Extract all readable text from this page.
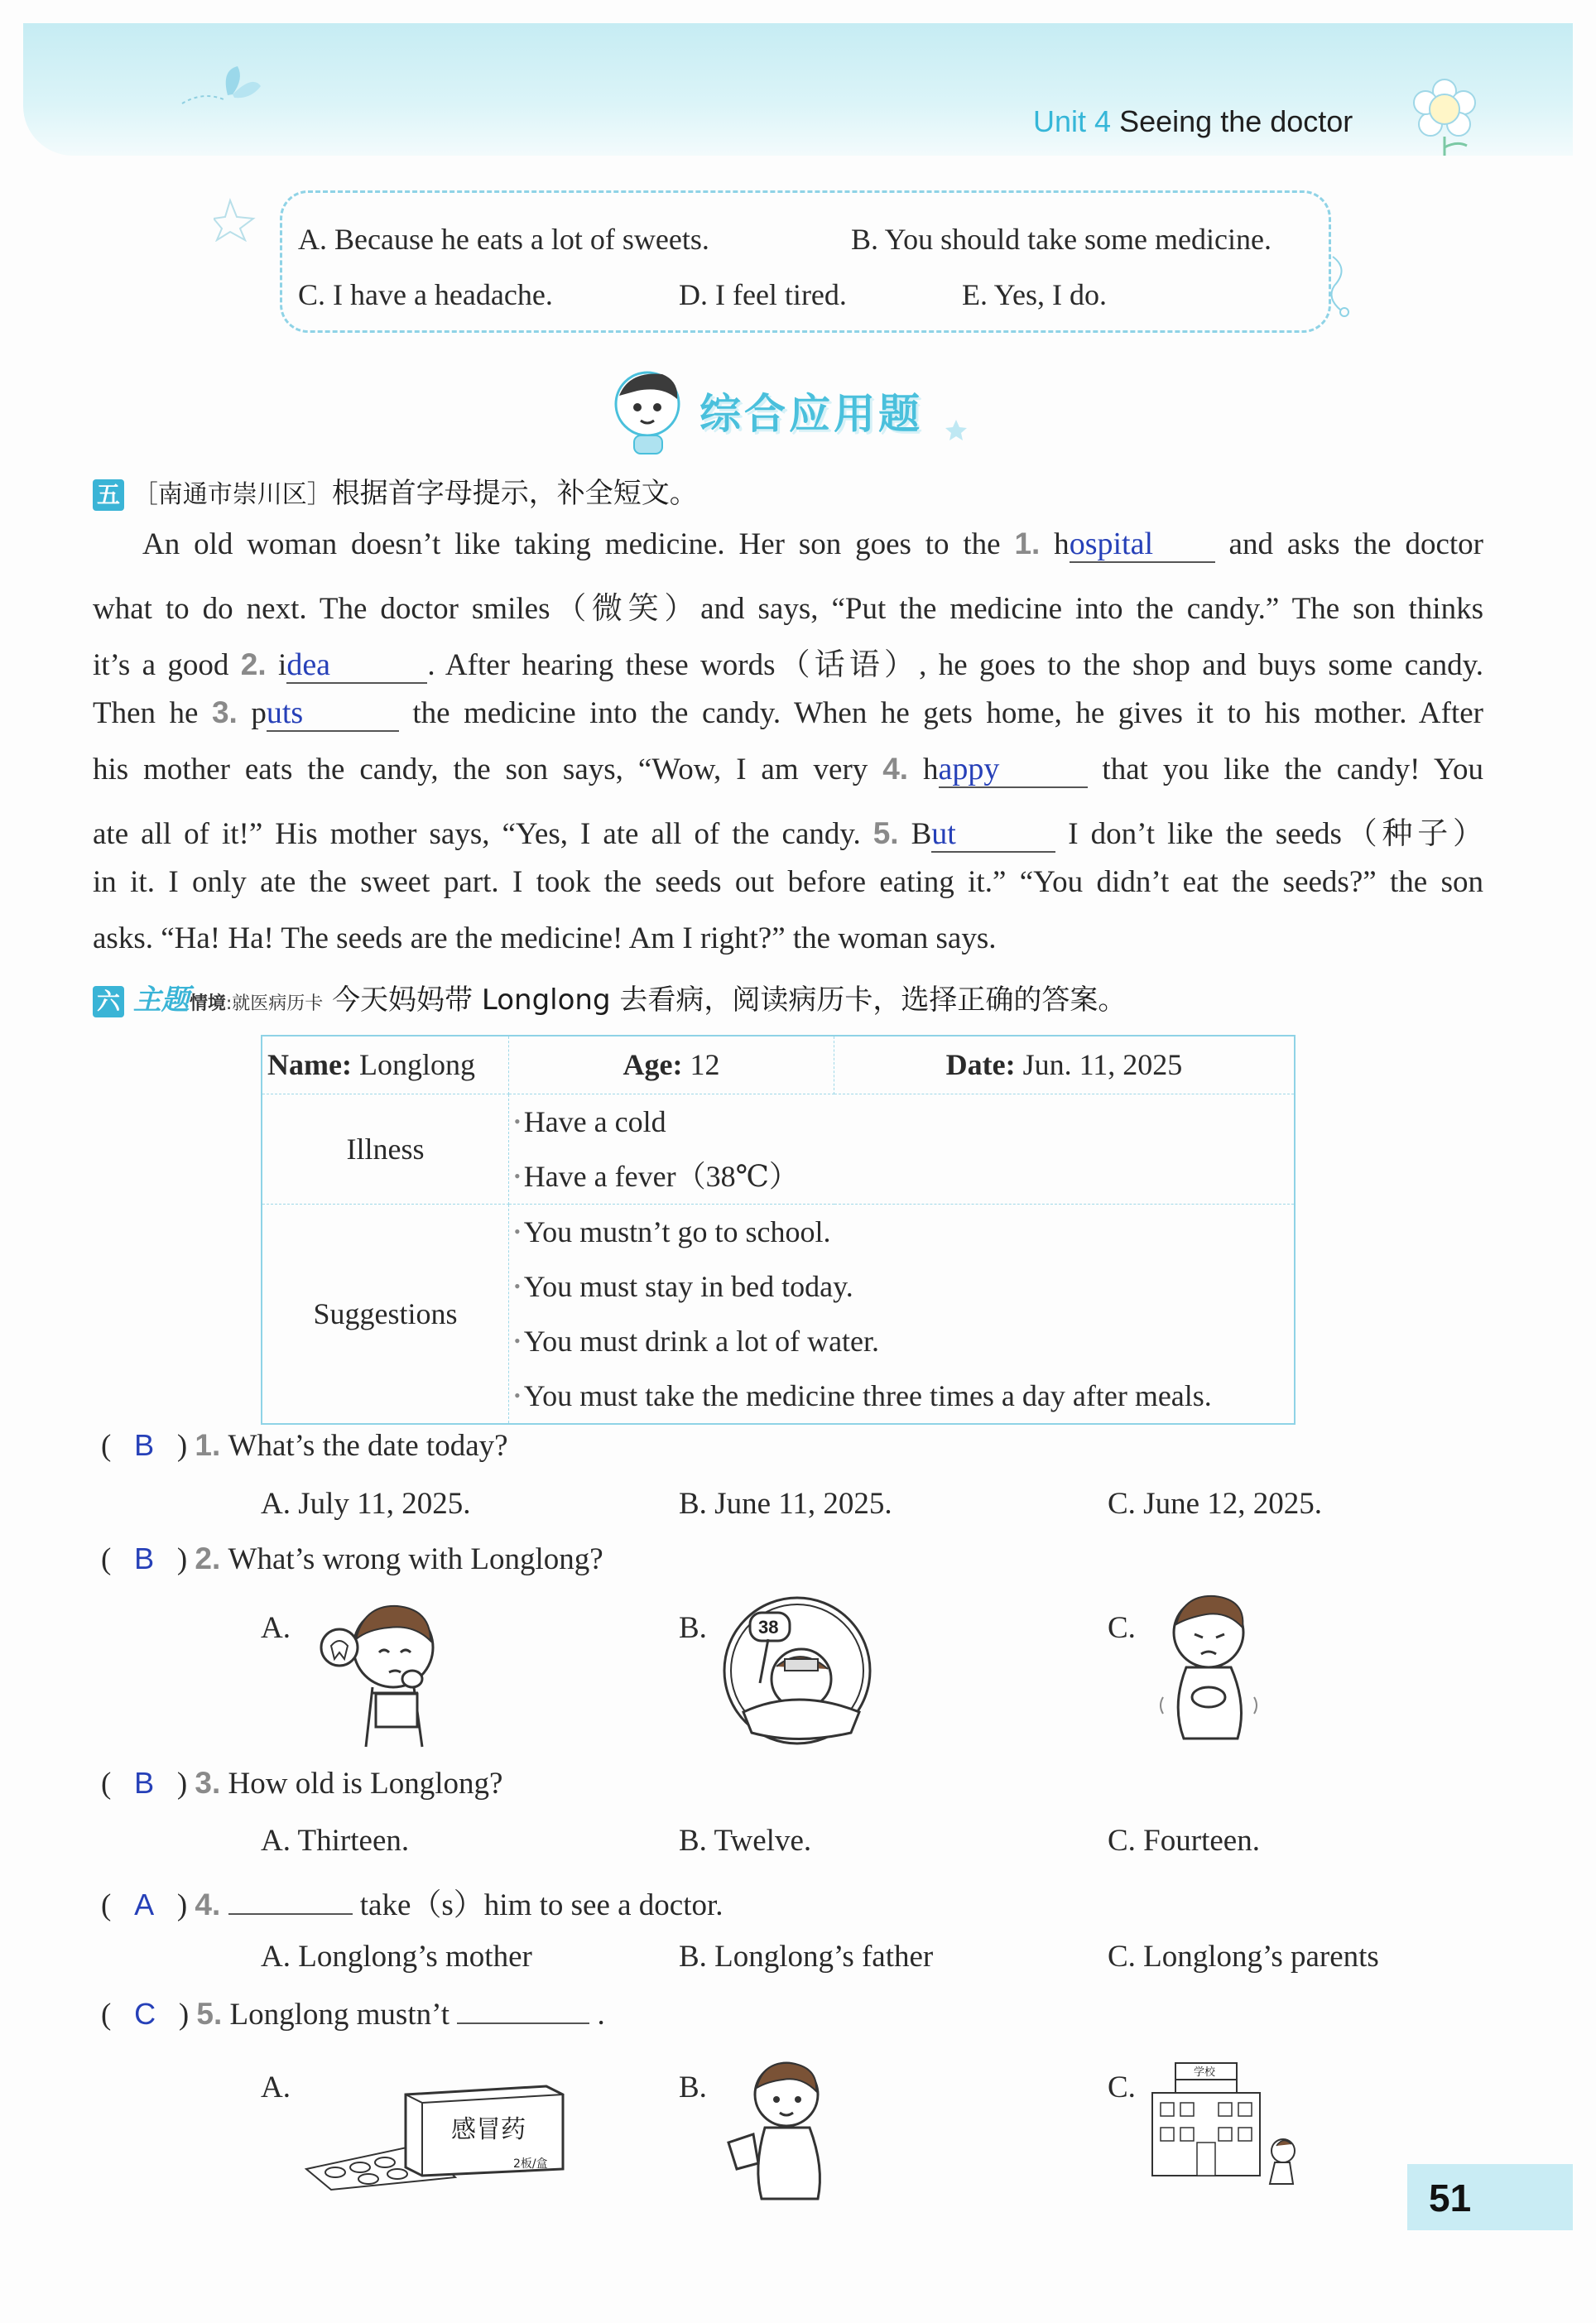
Unit 4 Seeing the doctor
A. Because he eats a lot of sweets.	B. You should take some medicine.
C. I have a headache.	D. I feel tired.	E. Yes, I do.
综合应用题
五 ［南通市崇川区］根据首字母提示，补全短文。
An old woman doesn’t like taking medicine. Her son goes to the 1. hospital and asks the doctor
what to do next. The doctor smiles（微笑）and says, “Put the medicine into the candy.” The son thinks
it’s a good 2. idea	. After hearing these words（话语）, he goes to the shop and buys some candy.
Then he 3. puts	the medicine into the candy. When he gets home, he gives it to his mother. After
his mother eats the candy, the son says, “Wow, I am very 4. happy	that you like the candy! You
ate all of it!” His mother says, “Yes, I ate all of the candy. 5. But	I don’t like the seeds（种子）
in it. I only ate the sweet part. I took the seeds out before eating it.” “You didn’t eat the seeds?” the son
asks. “Ha! Ha! The seeds are the medicine! Am I right?” the woman says.
六 主题情境:就医病历卡 今天妈妈带 Longlong 去看病，阅读病历卡，选择正确的答案。
Name: Longlong	Age: 12	Date: Jun. 11, 2025
Illness	• Have a cold
• Have a fever（38℃）	

Suggestions	• You mustn’t go to school.
• You must stay in bed today.
• You must drink a lot of water.
• You must take the medicine three times a day after meals.	
(   B   ) 1. What’s the date today?
A. July 11, 2025.	B. June 11, 2025.	C. June 12, 2025.
(   B   ) 2. What’s wrong with Longlong?
A.	B.	C.
38
(   B   ) 3. How old is Longlong?
A. Thirteen.	B. Twelve.	C. Fourteen.
(   A   ) 4.	take（s）him to see a doctor.
A. Longlong’s mother	B. Longlong’s father	C. Longlong’s parents
(   C   ) 5. Longlong mustn’t	.
A.	B.	C.
感冒药
2板/盒
学校
51
